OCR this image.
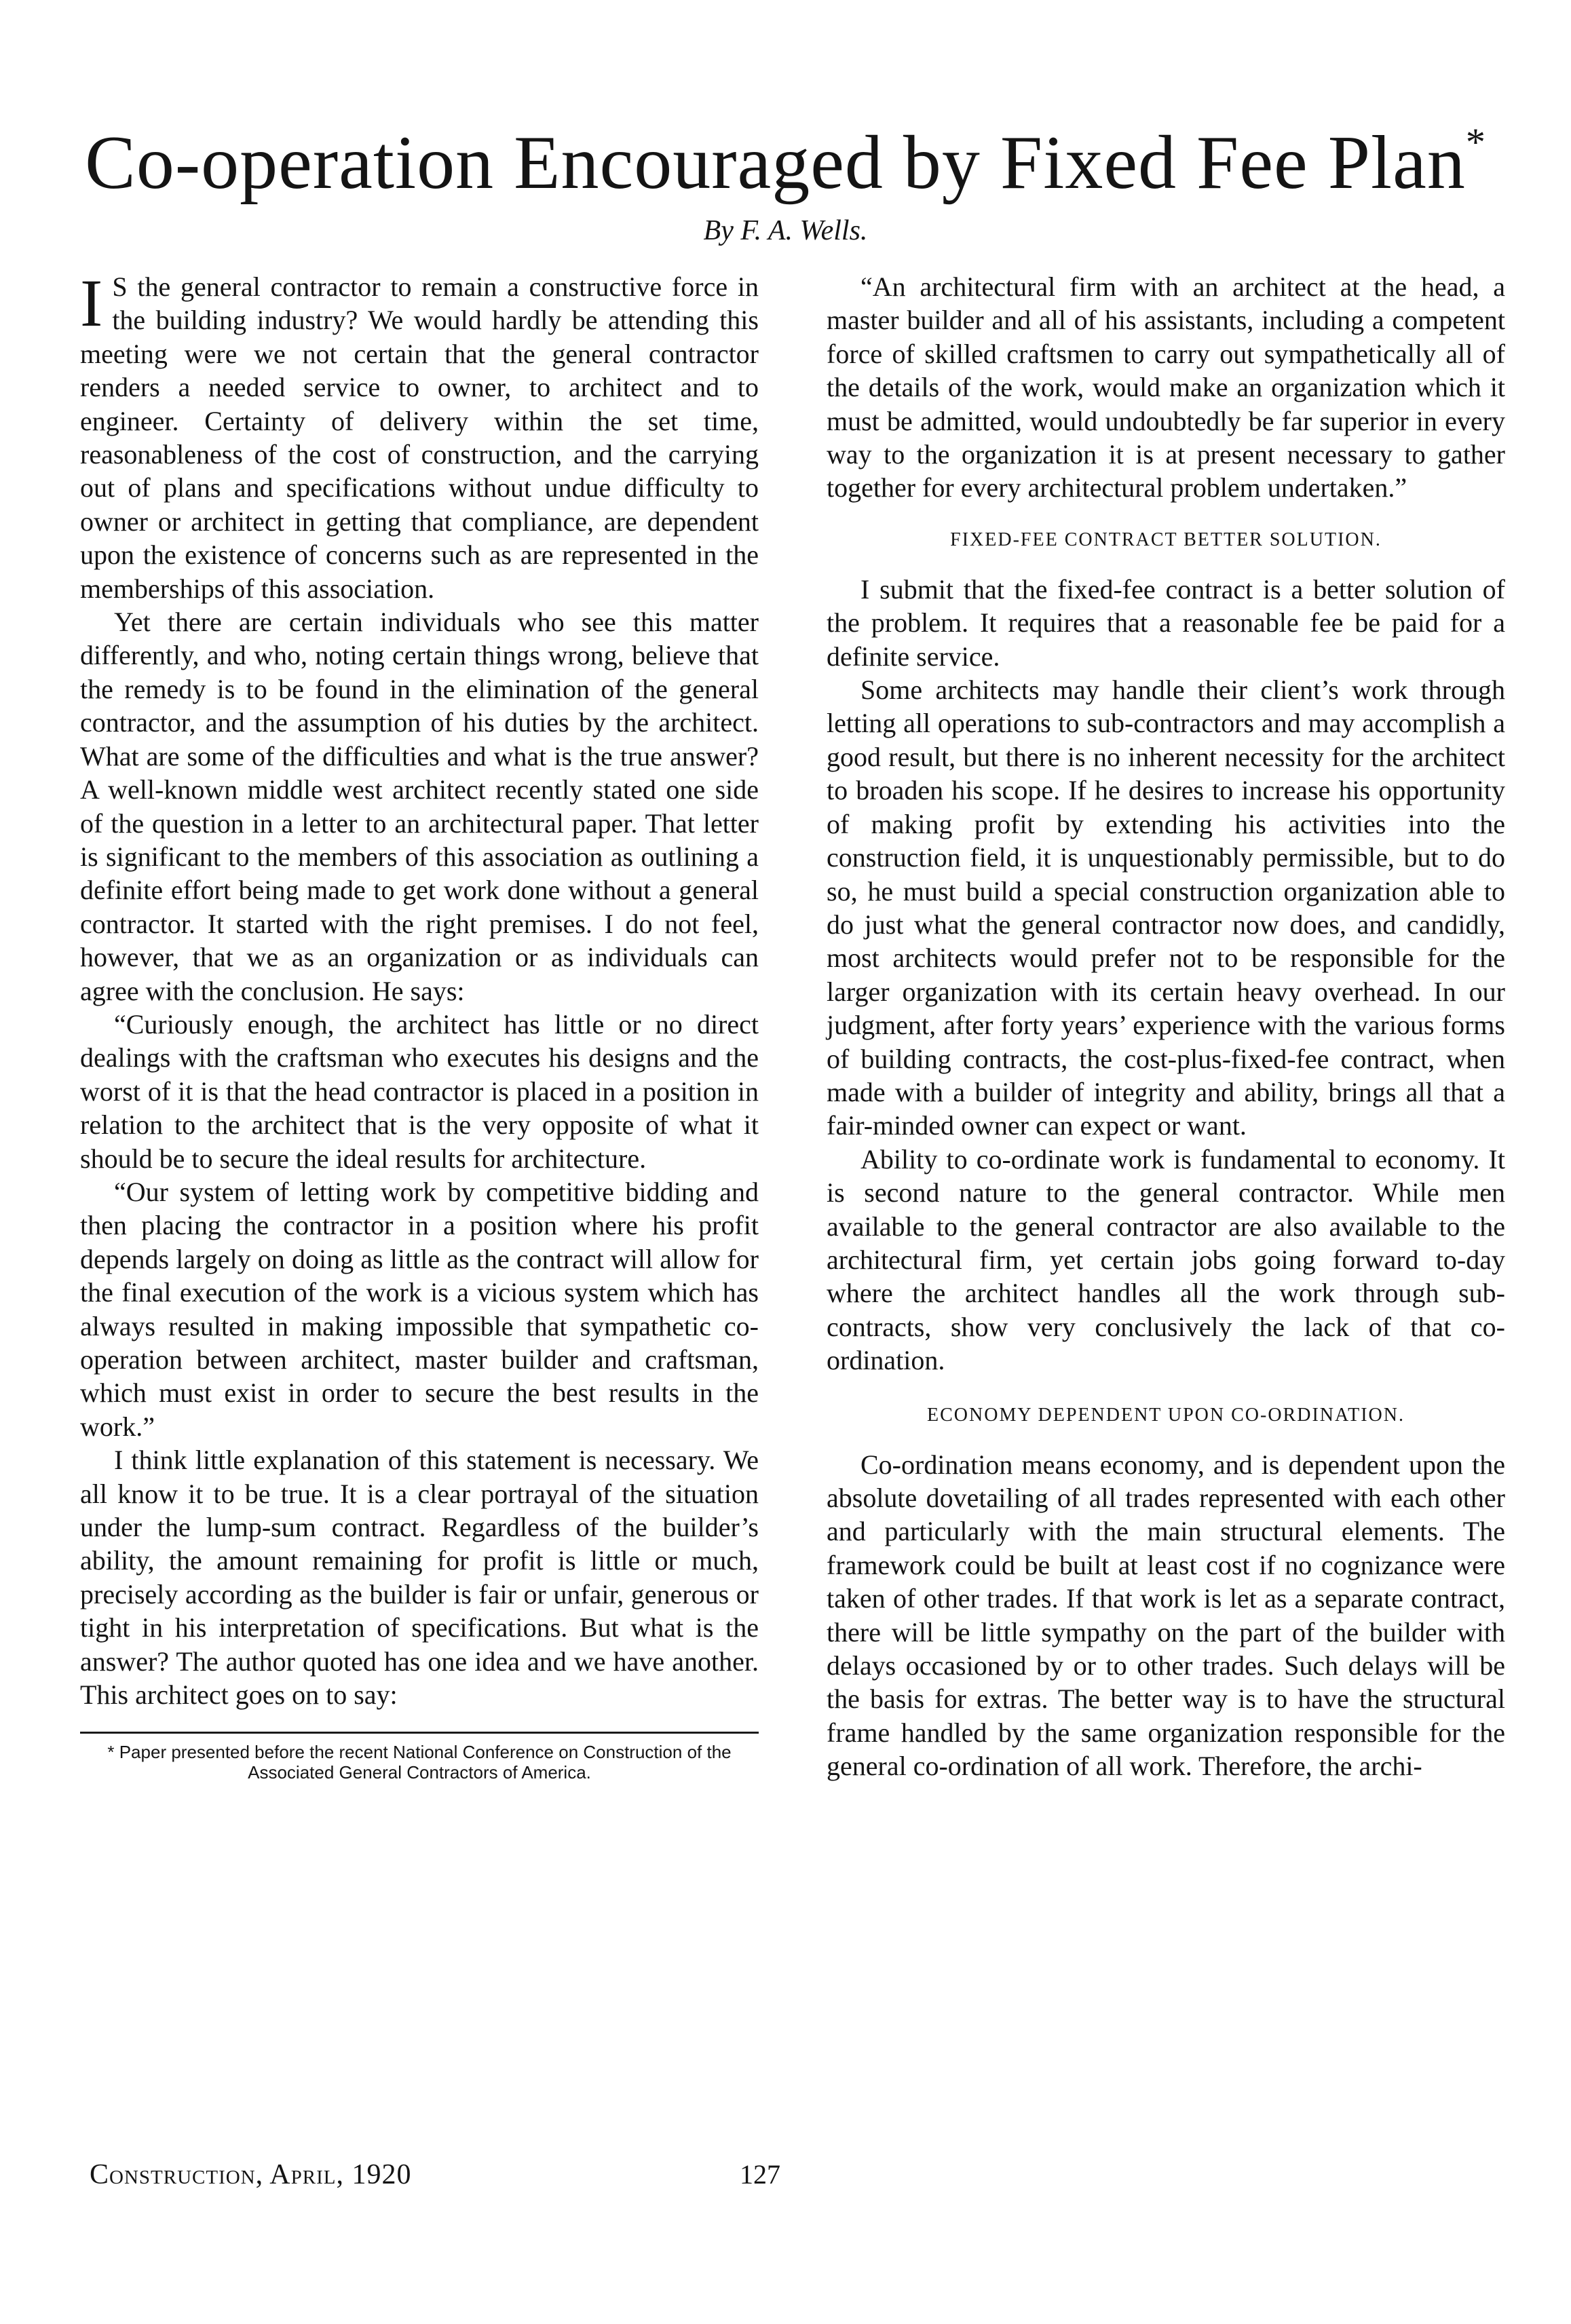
Co-operation Encouraged by Fixed Fee Plan*
By F. A. Wells.

I S the general contractor to remain a constructive force in the building industry? We would hardly be attending this meeting were we not certain that the general contractor renders a needed service to owner, to architect and to engineer. Certainty of delivery within the set time, reasonableness of the cost of construction, and the carrying out of plans and specifications without undue difficulty to owner or architect in getting that compliance, are dependent upon the existence of concerns such as are represented in the memberships of this association.

Yet there are certain individuals who see this matter differently, and who, noting certain things wrong, believe that the remedy is to be found in the elimination of the general contractor, and the assumption of his duties by the architect. What are some of the difficulties and what is the true answer? A well-known middle west architect recently stated one side of the question in a letter to an architectural paper. That letter is significant to the members of this association as outlining a definite effort being made to get work done without a general contractor. It started with the right premises. I do not feel, however, that we as an organization or as individuals can agree with the conclusion. He says:

“Curiously enough, the architect has little or no direct dealings with the craftsman who executes his designs and the worst of it is that the head contractor is placed in a position in relation to the architect that is the very opposite of what it should be to secure the ideal results for architecture.

“Our system of letting work by competitive bidding and then placing the contractor in a position where his profit depends largely on doing as little as the contract will allow for the final execution of the work is a vicious system which has always resulted in making impossible that sympathetic co-operation between architect, master builder and craftsman, which must exist in order to secure the best results in the work.”

I think little explanation of this statement is necessary. We all know it to be true. It is a clear portrayal of the situation under the lump-sum contract. Regardless of the builder’s ability, the amount remaining for profit is little or much, precisely according as the builder is fair or unfair, generous or tight in his interpretation of specifications. But what is the answer? The author quoted has one idea and we have another. This architect goes on to say:

* Paper presented before the recent National Conference on Construction of the Associated General Contractors of America.

“An architectural firm with an architect at the head, a master builder and all of his assistants, including a competent force of skilled craftsmen to carry out sympathetically all of the details of the work, would make an organization which it must be admitted, would undoubtedly be far superior in every way to the organization it is at present necessary to gather together for every architectural problem undertaken.”

FIXED-FEE CONTRACT BETTER SOLUTION.

I submit that the fixed-fee contract is a better solution of the problem. It requires that a reasonable fee be paid for a definite service.

Some architects may handle their client’s work through letting all operations to sub-contractors and may accomplish a good result, but there is no inherent necessity for the architect to broaden his scope. If he desires to increase his opportunity of making profit by extending his activities into the construction field, it is unquestionably permissible, but to do so, he must build a special construction organization able to do just what the general contractor now does, and candidly, most architects would prefer not to be responsible for the larger organization with its certain heavy overhead. In our judgment, after forty years’ experience with the various forms of building contracts, the cost-plus-fixed-fee contract, when made with a builder of integrity and ability, brings all that a fair-minded owner can expect or want.

Ability to co-ordinate work is fundamental to economy. It is second nature to the general contractor. While men available to the general contractor are also available to the architectural firm, yet certain jobs going forward to-day where the architect handles all the work through sub-contracts, show very conclusively the lack of that co-ordination.

ECONOMY DEPENDENT UPON CO-ORDINATION.

Co-ordination means economy, and is dependent upon the absolute dovetailing of all trades represented with each other and particularly with the main structural elements. The framework could be built at least cost if no cognizance were taken of other trades. If that work is let as a separate contract, there will be little sympathy on the part of the builder with delays occasioned by or to other trades. Such delays will be the basis for extras. The better way is to have the structural frame handled by the same organization responsible for the general co-ordination of all work. Therefore, the archi-

Construction, April, 1920	127
